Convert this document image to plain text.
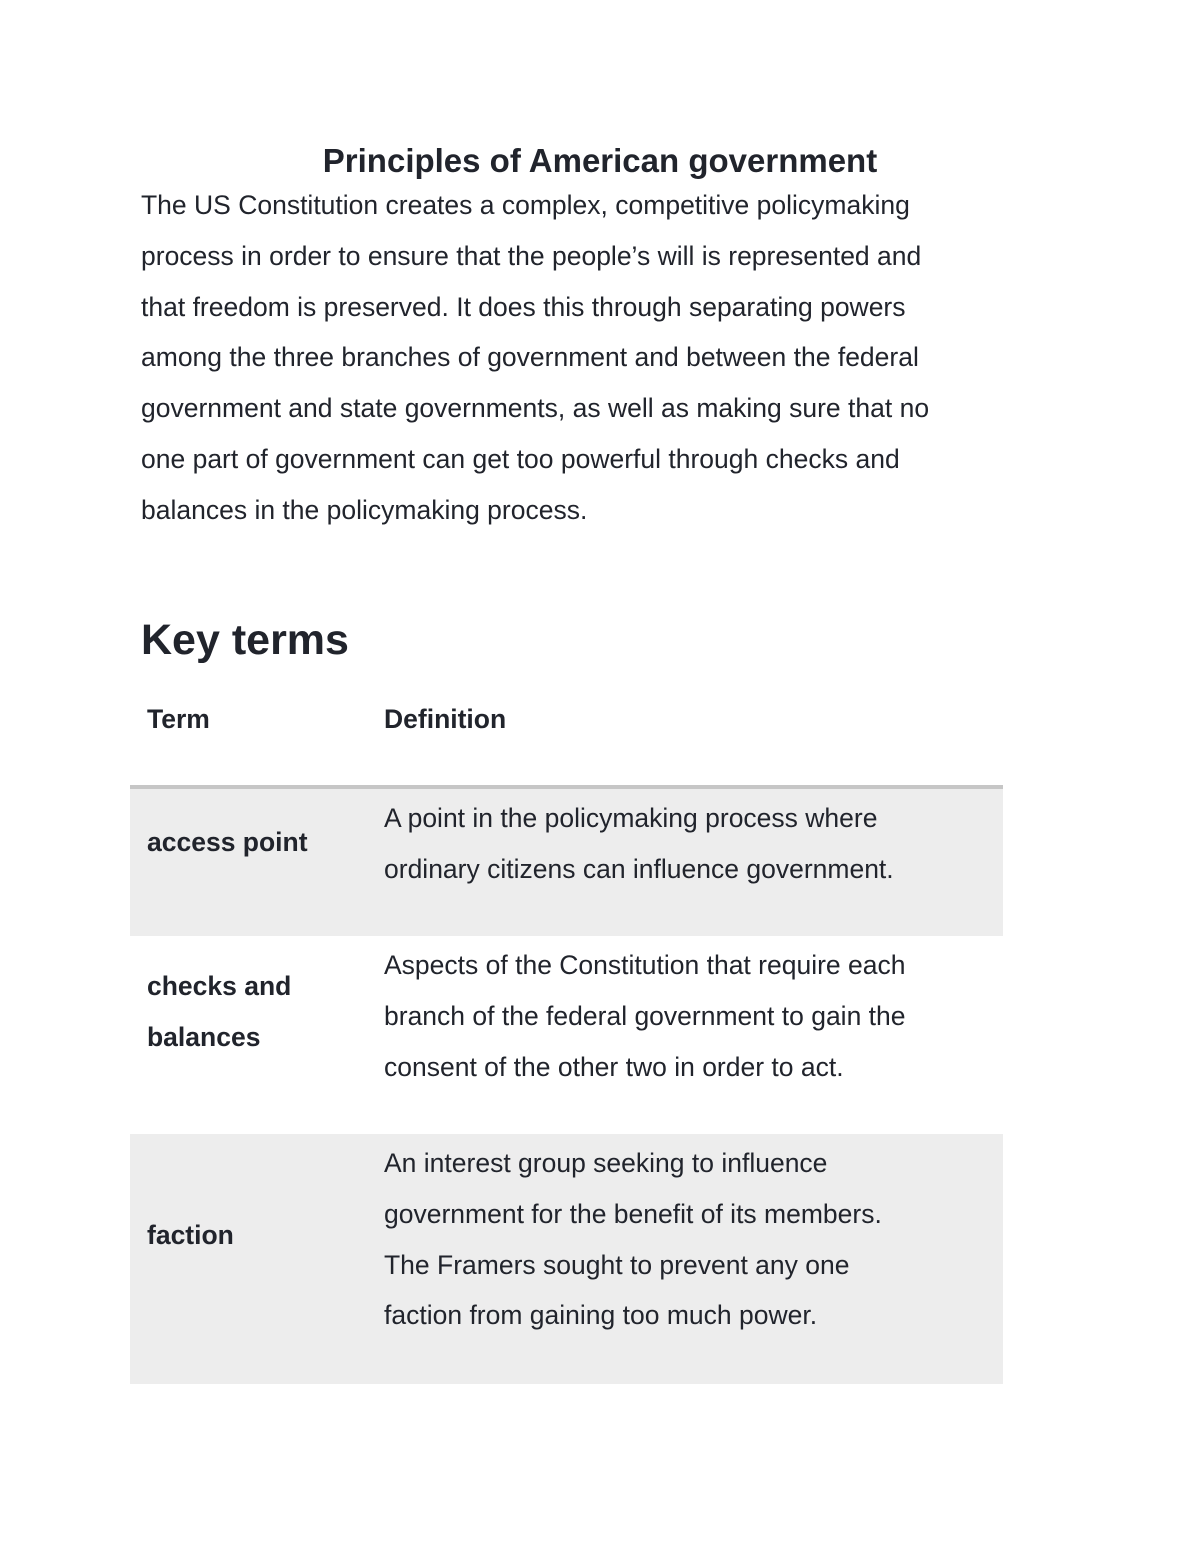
Principles of American government

The US Constitution creates a complex, competitive policymaking
process in order to ensure that the people’s will is represented and
that freedom is preserved. It does this through separating powers
among the three branches of government and between the federal
government and state governments, as well as making sure that no
one part of government can get too powerful through checks and
balances in the policymaking process.

Key terms
Term	Definition
access point
A point in the policymaking process where
ordinary citizens can influence government.
checks and
balances
Aspects of the Constitution that require each
branch of the federal government to gain the
consent of the other two in order to act.
faction
An interest group seeking to influence
government for the benefit of its members.
The Framers sought to prevent any one
faction from gaining too much power.
